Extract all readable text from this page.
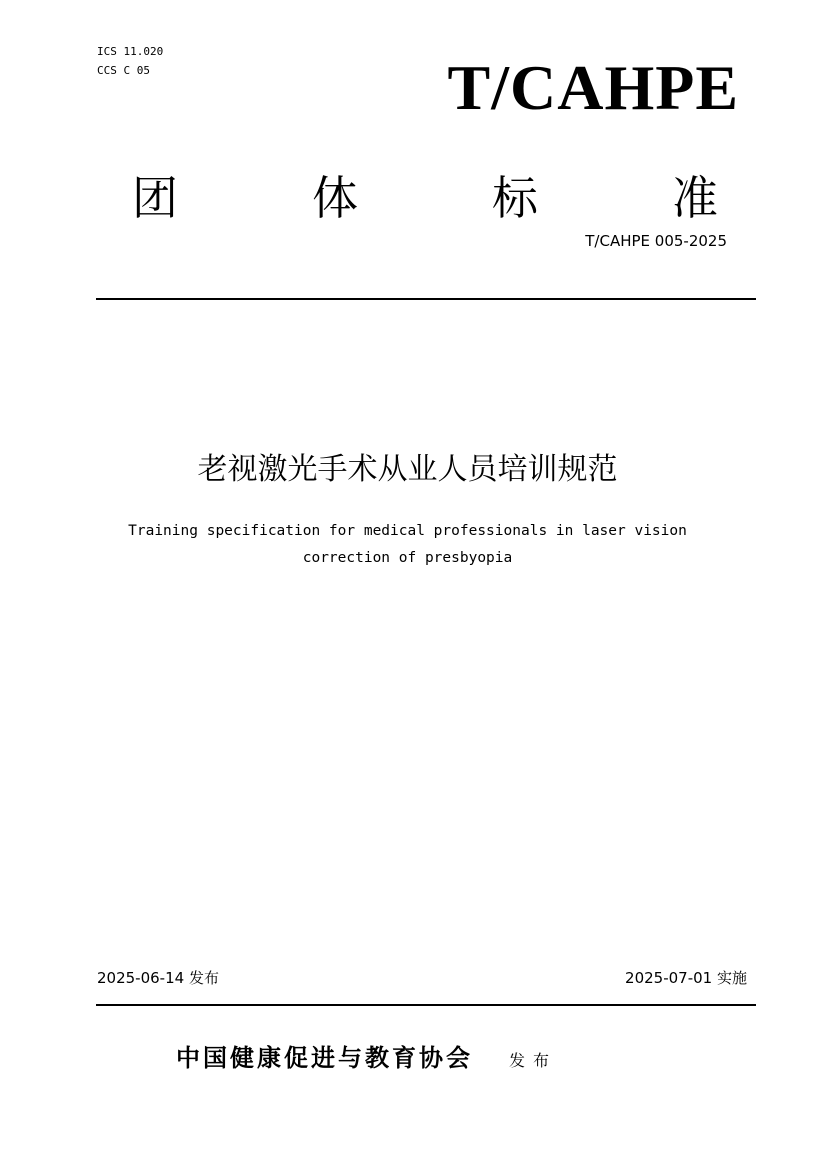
ICS 11.020
CCS C 05	T/CAHPE
团	体	标	准
T/CAHPE 005-2025
老视激光手术从业人员培训规范
Training specification for medical professionals in laser vision
correction of presbyopia
2025-06-14 发布	2025-07-01 实施
中国健康促进与教育协会 发布
